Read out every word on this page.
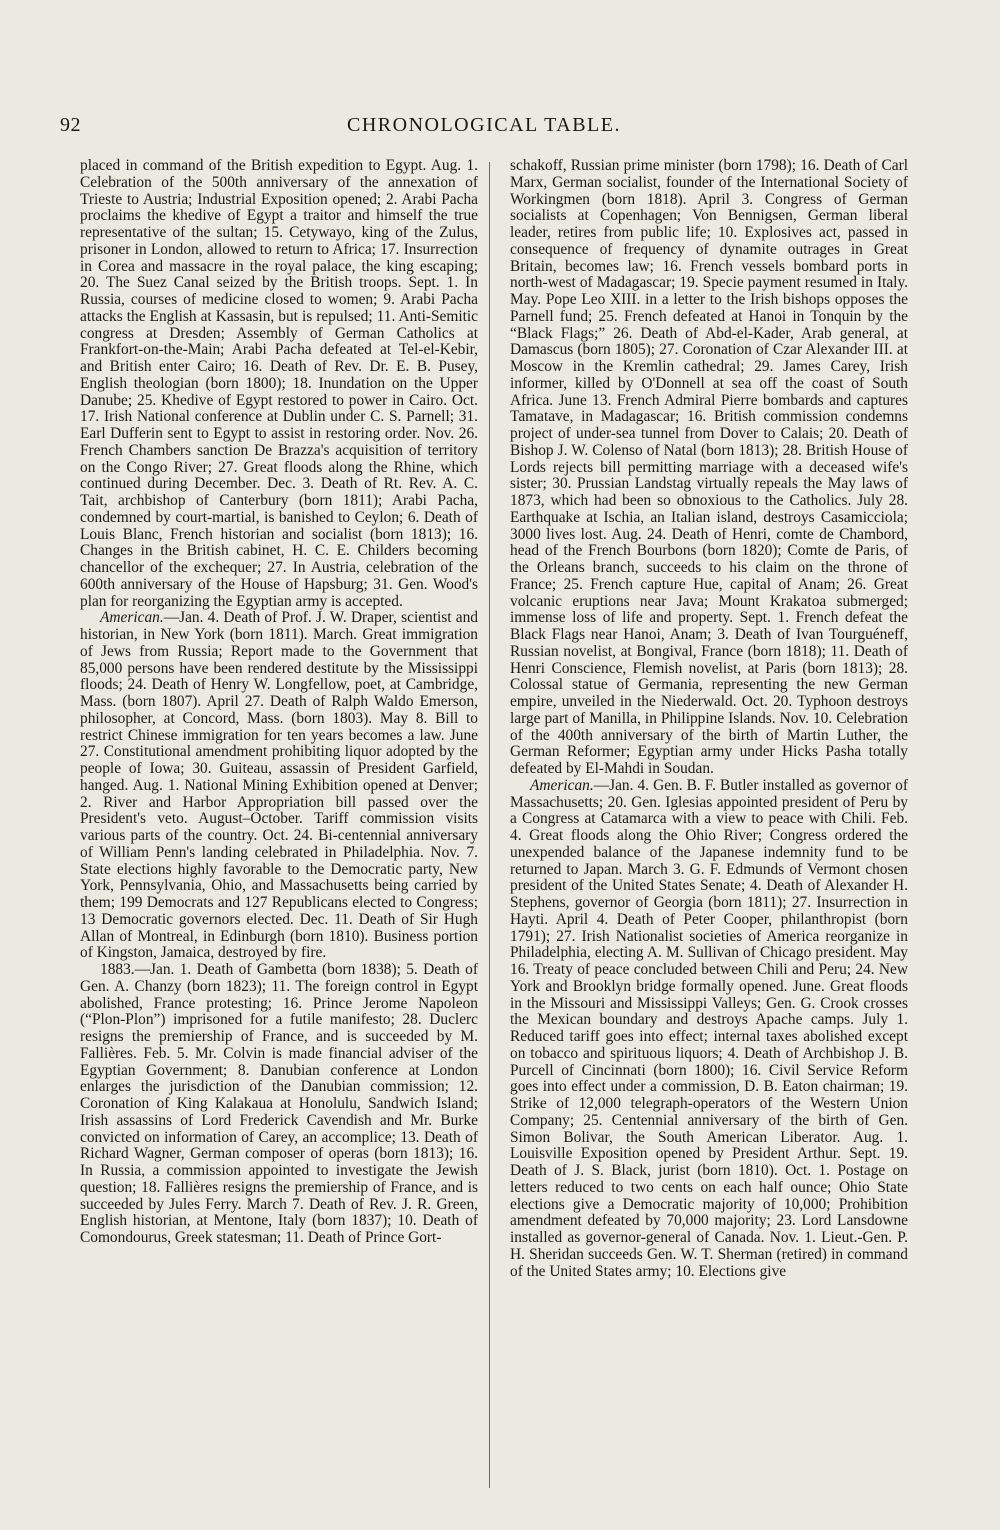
92	CHRONOLOGICAL TABLE.

placed in command of the British expedition to Egypt. Aug. 1. Celebration of the 500th anniversary of the annexation of Trieste to Austria; Industrial Exposition opened; 2. Arabi Pacha proclaims the khedive of Egypt a traitor and himself the true representative of the sultan; 15. Cetywayo, king of the Zulus, prisoner in London, allowed to return to Africa; 17. Insurrection in Corea and massacre in the royal palace, the king escaping; 20. The Suez Canal seized by the British troops. Sept. 1. In Russia, courses of medicine closed to women; 9. Arabi Pacha attacks the English at Kassasin, but is repulsed; 11. Anti-Semitic congress at Dresden; Assembly of German Catholics at Frankfort-on-the-Main; Arabi Pacha defeated at Tel-el-Kebir, and British enter Cairo; 16. Death of Rev. Dr. E. B. Pusey, English theologian (born 1800); 18. Inundation on the Upper Danube; 25. Khedive of Egypt restored to power in Cairo. Oct. 17. Irish National conference at Dublin under C. S. Parnell; 31. Earl Dufferin sent to Egypt to assist in restoring order. Nov. 26. French Chambers sanction De Brazza's acquisition of territory on the Congo River; 27. Great floods along the Rhine, which continued during December. Dec. 3. Death of Rt. Rev. A. C. Tait, archbishop of Canterbury (born 1811); Arabi Pacha, condemned by court-martial, is banished to Ceylon; 6. Death of Louis Blanc, French historian and socialist (born 1813); 16. Changes in the British cabinet, H. C. E. Childers becoming chancellor of the exchequer; 27. In Austria, celebration of the 600th anniversary of the House of Hapsburg; 31. Gen. Wood's plan for reorganizing the Egyptian army is accepted.

American.—Jan. 4. Death of Prof. J. W. Draper, scientist and historian, in New York (born 1811). March. Great immigration of Jews from Russia; Report made to the Government that 85,000 persons have been rendered destitute by the Mississippi floods; 24. Death of Henry W. Longfellow, poet, at Cambridge, Mass. (born 1807). April 27. Death of Ralph Waldo Emerson, philosopher, at Concord, Mass. (born 1803). May 8. Bill to restrict Chinese immigration for ten years becomes a law. June 27. Constitutional amendment prohibiting liquor adopted by the people of Iowa; 30. Guiteau, assassin of President Garfield, hanged. Aug. 1. National Mining Exhibition opened at Denver; 2. River and Harbor Appropriation bill passed over the President's veto. August–October. Tariff commission visits various parts of the country. Oct. 24. Bi-centennial anniversary of William Penn's landing celebrated in Philadelphia. Nov. 7. State elections highly favorable to the Democratic party, New York, Pennsylvania, Ohio, and Massachusetts being carried by them; 199 Democrats and 127 Republicans elected to Congress; 13 Democratic governors elected. Dec. 11. Death of Sir Hugh Allan of Montreal, in Edinburgh (born 1810). Business portion of Kingston, Jamaica, destroyed by fire.

1883.—Jan. 1. Death of Gambetta (born 1838); 5. Death of Gen. A. Chanzy (born 1823); 11. The foreign control in Egypt abolished, France protesting; 16. Prince Jerome Napoleon (“Plon-Plon”) imprisoned for a futile manifesto; 28. Duclerc resigns the premiership of France, and is succeeded by M. Fallières. Feb. 5. Mr. Colvin is made financial adviser of the Egyptian Government; 8. Danubian conference at London enlarges the jurisdiction of the Danubian commission; 12. Coronation of King Kalakaua at Honolulu, Sandwich Island; Irish assassins of Lord Frederick Cavendish and Mr. Burke convicted on information of Carey, an accomplice; 13. Death of Richard Wagner, German composer of operas (born 1813); 16. In Russia, a commission appointed to investigate the Jewish question; 18. Fallières resigns the premiership of France, and is succeeded by Jules Ferry. March 7. Death of Rev. J. R. Green, English historian, at Mentone, Italy (born 1837); 10. Death of Comondourus, Greek statesman; 11. Death of Prince Gort-

schakoff, Russian prime minister (born 1798); 16. Death of Carl Marx, German socialist, founder of the International Society of Workingmen (born 1818). April 3. Congress of German socialists at Copenhagen; Von Bennigsen, German liberal leader, retires from public life; 10. Explosives act, passed in consequence of frequency of dynamite outrages in Great Britain, becomes law; 16. French vessels bombard ports in north-west of Madagascar; 19. Specie payment resumed in Italy. May. Pope Leo XIII. in a letter to the Irish bishops opposes the Parnell fund; 25. French defeated at Hanoi in Tonquin by the “Black Flags;” 26. Death of Abd-el-Kader, Arab general, at Damascus (born 1805); 27. Coronation of Czar Alexander III. at Moscow in the Kremlin cathedral; 29. James Carey, Irish informer, killed by O'Donnell at sea off the coast of South Africa. June 13. French Admiral Pierre bombards and captures Tamatave, in Madagascar; 16. British commission condemns project of under-sea tunnel from Dover to Calais; 20. Death of Bishop J. W. Colenso of Natal (born 1813); 28. British House of Lords rejects bill permitting marriage with a deceased wife's sister; 30. Prussian Landstag virtually repeals the May laws of 1873, which had been so obnoxious to the Catholics. July 28. Earthquake at Ischia, an Italian island, destroys Casamicciola; 3000 lives lost. Aug. 24. Death of Henri, comte de Chambord, head of the French Bourbons (born 1820); Comte de Paris, of the Orleans branch, succeeds to his claim on the throne of France; 25. French capture Hue, capital of Anam; 26. Great volcanic eruptions near Java; Mount Krakatoa submerged; immense loss of life and property. Sept. 1. French defeat the Black Flags near Hanoi, Anam; 3. Death of Ivan Tourguéneff, Russian novelist, at Bongival, France (born 1818); 11. Death of Henri Conscience, Flemish novelist, at Paris (born 1813); 28. Colossal statue of Germania, representing the new German empire, unveiled in the Niederwald. Oct. 20. Typhoon destroys large part of Manilla, in Philippine Islands. Nov. 10. Celebration of the 400th anniversary of the birth of Martin Luther, the German Reformer; Egyptian army under Hicks Pasha totally defeated by El-Mahdi in Soudan.

American.—Jan. 4. Gen. B. F. Butler installed as governor of Massachusetts; 20. Gen. Iglesias appointed president of Peru by a Congress at Catamarca with a view to peace with Chili. Feb. 4. Great floods along the Ohio River; Congress ordered the unexpended balance of the Japanese indemnity fund to be returned to Japan. March 3. G. F. Edmunds of Vermont chosen president of the United States Senate; 4. Death of Alexander H. Stephens, governor of Georgia (born 1811); 27. Insurrection in Hayti. April 4. Death of Peter Cooper, philanthropist (born 1791); 27. Irish Nationalist societies of America reorganize in Philadelphia, electing A. M. Sullivan of Chicago president. May 16. Treaty of peace concluded between Chili and Peru; 24. New York and Brooklyn bridge formally opened. June. Great floods in the Missouri and Mississippi Valleys; Gen. G. Crook crosses the Mexican boundary and destroys Apache camps. July 1. Reduced tariff goes into effect; internal taxes abolished except on tobacco and spirituous liquors; 4. Death of Archbishop J. B. Purcell of Cincinnati (born 1800); 16. Civil Service Reform goes into effect under a commission, D. B. Eaton chairman; 19. Strike of 12,000 telegraph-operators of the Western Union Company; 25. Centennial anniversary of the birth of Gen. Simon Bolivar, the South American Liberator. Aug. 1. Louisville Exposition opened by President Arthur. Sept. 19. Death of J. S. Black, jurist (born 1810). Oct. 1. Postage on letters reduced to two cents on each half ounce; Ohio State elections give a Democratic majority of 10,000; Prohibition amendment defeated by 70,000 majority; 23. Lord Lansdowne installed as governor-general of Canada. Nov. 1. Lieut.-Gen. P. H. Sheridan succeeds Gen. W. T. Sherman (retired) in command of the United States army; 10. Elections give
